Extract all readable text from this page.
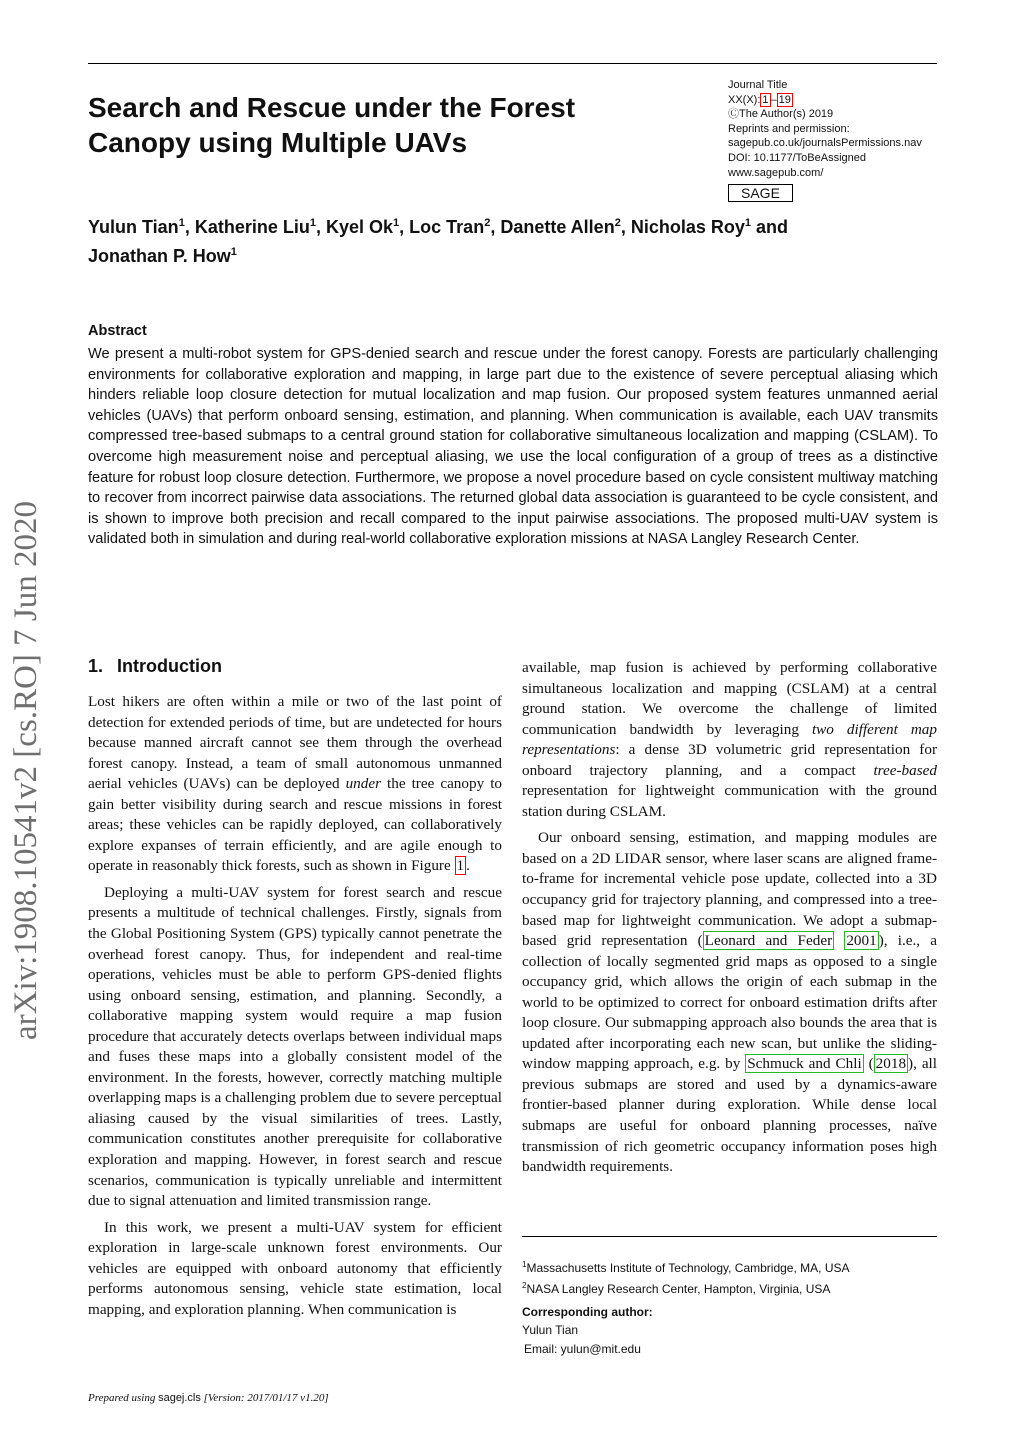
Search and Rescue under the Forest Canopy using Multiple UAVs
Journal Title
XX(X): 1 – 19
ⒸThe Author(s) 2019
Reprints and permission:
sagepub.co.uk/journalsPermissions.nav
DOI: 10.1177/ToBeAssigned
www.sagepub.com/
SAGE
Yulun Tian$^1$, Katherine Liu$^1$, Kyel Ok$^1$, Loc Tran$^2$, Danette Allen$^2$, Nicholas Roy$^1$ and
Jonathan P. How$^1$
Abstract

We present a multi-robot system for GPS-denied search and rescue under the forest canopy. Forests are particularly challenging environments for collaborative exploration and mapping, in large part due to the existence of severe perceptual aliasing which hinders reliable loop closure detection for mutual localization and map fusion. Our proposed system features unmanned aerial vehicles (UAVs) that perform onboard sensing, estimation, and planning. When communication is available, each UAV transmits compressed tree-based submaps to a central ground station for collaborative simultaneous localization and mapping (CSLAM). To overcome high measurement noise and perceptual aliasing, we use the local configuration of a group of trees as a distinctive feature for robust loop closure detection. Furthermore, we propose a novel procedure based on cycle consistent multiway matching to recover from incorrect pairwise data associations. The returned global data association is guaranteed to be cycle consistent, and is shown to improve both precision and recall compared to the input pairwise associations. The proposed multi-UAV system is validated both in simulation and during real-world collaborative exploration missions at NASA Langley Research Center.

arXiv:1908.10541v2 [cs.RO] 7 Jun 2020 1. Introduction

Lost hikers are often within a mile or two of the last point of detection for extended periods of time, but are undetected for hours because manned aircraft cannot see them through the overhead forest canopy. Instead, a team of small autonomous unmanned aerial vehicles (UAVs) can be deployed under the tree canopy to gain better visibility during search and rescue missions in forest areas; these vehicles can be rapidly deployed, can collaboratively explore expanses of terrain efficiently, and are agile enough to operate in reasonably thick forests, such as shown in Figure 1 .

Deploying a multi-UAV system for forest search and rescue presents a multitude of technical challenges. Firstly, signals from the Global Positioning System (GPS) typically cannot penetrate the overhead forest canopy. Thus, for independent and real-time operations, vehicles must be able to perform GPS-denied flights using onboard sensing, estimation, and planning. Secondly, a collaborative mapping system would require a map fusion procedure that accurately detects overlaps between individual maps and fuses these maps into a globally consistent model of the environment. In the forests, however, correctly matching multiple overlapping maps is a challenging problem due to severe perceptual aliasing caused by the visual similarities of trees. Lastly, communication constitutes another prerequisite for collaborative exploration and mapping. However, in forest search and rescue scenarios, communication is typically unreliable and intermittent due to signal attenuation and limited transmission range.

In this work, we present a multi-UAV system for efficient exploration in large-scale unknown forest environments. Our vehicles are equipped with onboard autonomy that efficiently performs autonomous sensing, vehicle state estimation, local mapping, and exploration planning. When communication is

available, map fusion is achieved by performing collaborative simultaneous localization and mapping (CSLAM) at a central ground station. We overcome the challenge of limited communication bandwidth by leveraging two different map representations: a dense 3D volumetric grid representation for onboard trajectory planning, and a compact tree-based representation for lightweight communication with the ground station during CSLAM.

Our onboard sensing, estimation, and mapping modules are based on a 2D LIDAR sensor, where laser scans are aligned frame-to-frame for incremental vehicle pose update, collected into a 3D occupancy grid for trajectory planning, and compressed into a tree-based map for lightweight communication. We adopt a submap-based grid representation ( Leonard and Feder 2001 ), i.e., a collection of locally segmented grid maps as opposed to a single occupancy grid, which allows the origin of each submap in the world to be optimized to correct for onboard estimation drifts after loop closure. Our submapping approach also bounds the area that is updated after incorporating each new scan, but unlike the sliding-window mapping approach, e.g. by Schmuck and Chli ( 2018 ), all previous submaps are stored and used by a dynamics-aware frontier-based planner during exploration. While dense local submaps are useful for onboard planning processes, naïve transmission of rich geometric occupancy information poses high bandwidth requirements.

$^1$Massachusetts Institute of Technology, Cambridge, MA, USA
$^2$NASA Langley Research Center, Hampton, Virginia, USA
Corresponding author:
Yulun Tian
Email: yulun@mit.edu
Prepared using sagej.cls [Version: 2017/01/17 v1.20]
